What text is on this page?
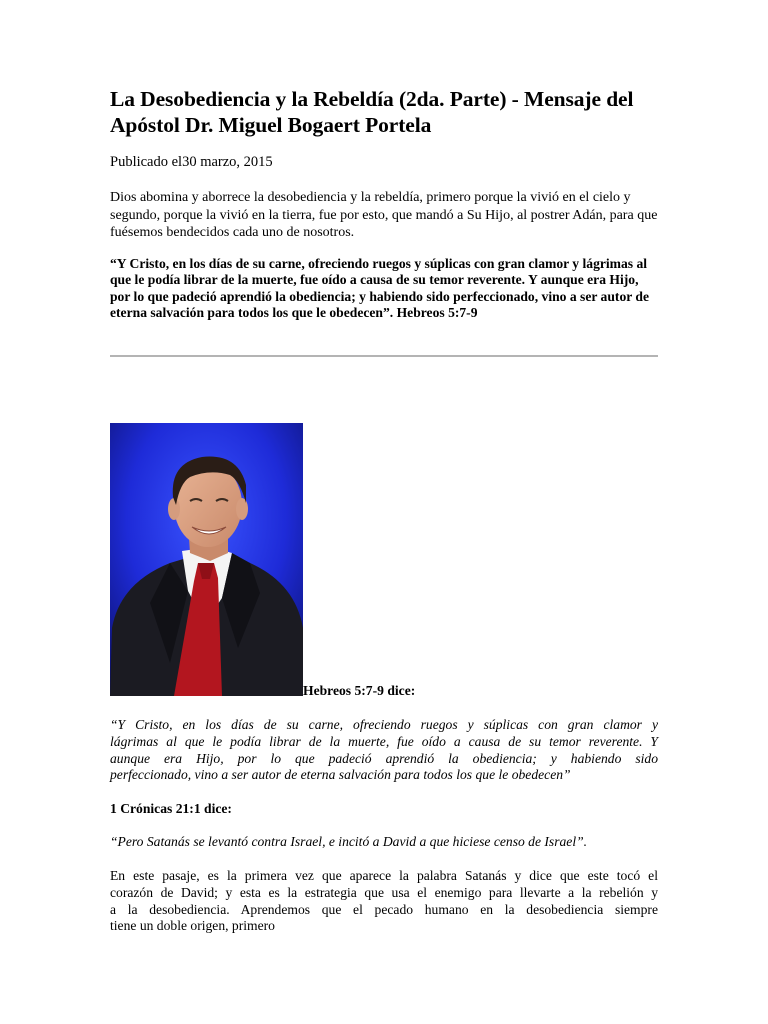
La Desobediencia y la Rebeldía (2da. Parte) - Mensaje del Apóstol Dr. Miguel Bogaert Portela

Publicado el30 marzo, 2015

Dios abomina y aborrece la desobediencia y la rebeldía, primero porque la vivió en el cielo y segundo, porque la vivió en la tierra, fue por esto, que mandó a Su Hijo, al postrer Adán, para que fuésemos bendecidos cada uno de nosotros.

“Y Cristo, en los días de su carne, ofreciendo ruegos y súplicas con gran clamor y lágrimas al que le podía librar de la muerte, fue oído a causa de su temor reverente. Y aunque era Hijo, por lo que padeció aprendió la obediencia; y habiendo sido perfeccionado, vino a ser autor de eterna salvación para todos los que le obedecen”. Hebreos 5:7-9

Hebreos 5:7-9 dice:

“Y Cristo, en los días de su carne, ofreciendo ruegos y súplicas con gran clamor y
lágrimas al que le podía librar de la muerte, fue oído a causa de su temor reverente. Y
aunque era Hijo, por lo que padeció aprendió la obediencia; y habiendo sido
perfeccionado, vino a ser autor de eterna salvación para todos los que le obedecen”

1 Crónicas 21:1 dice:

“Pero Satanás se levantó contra Israel, e incitó a David a que hiciese censo de Israel”.

En este pasaje, es la primera vez que aparece la palabra Satanás y dice que este tocó el
corazón de David; y esta es la estrategia que usa el enemigo para llevarte a la rebelión y
a la desobediencia. Aprendemos que el pecado humano en la desobediencia siempre
tiene un doble origen, primero
